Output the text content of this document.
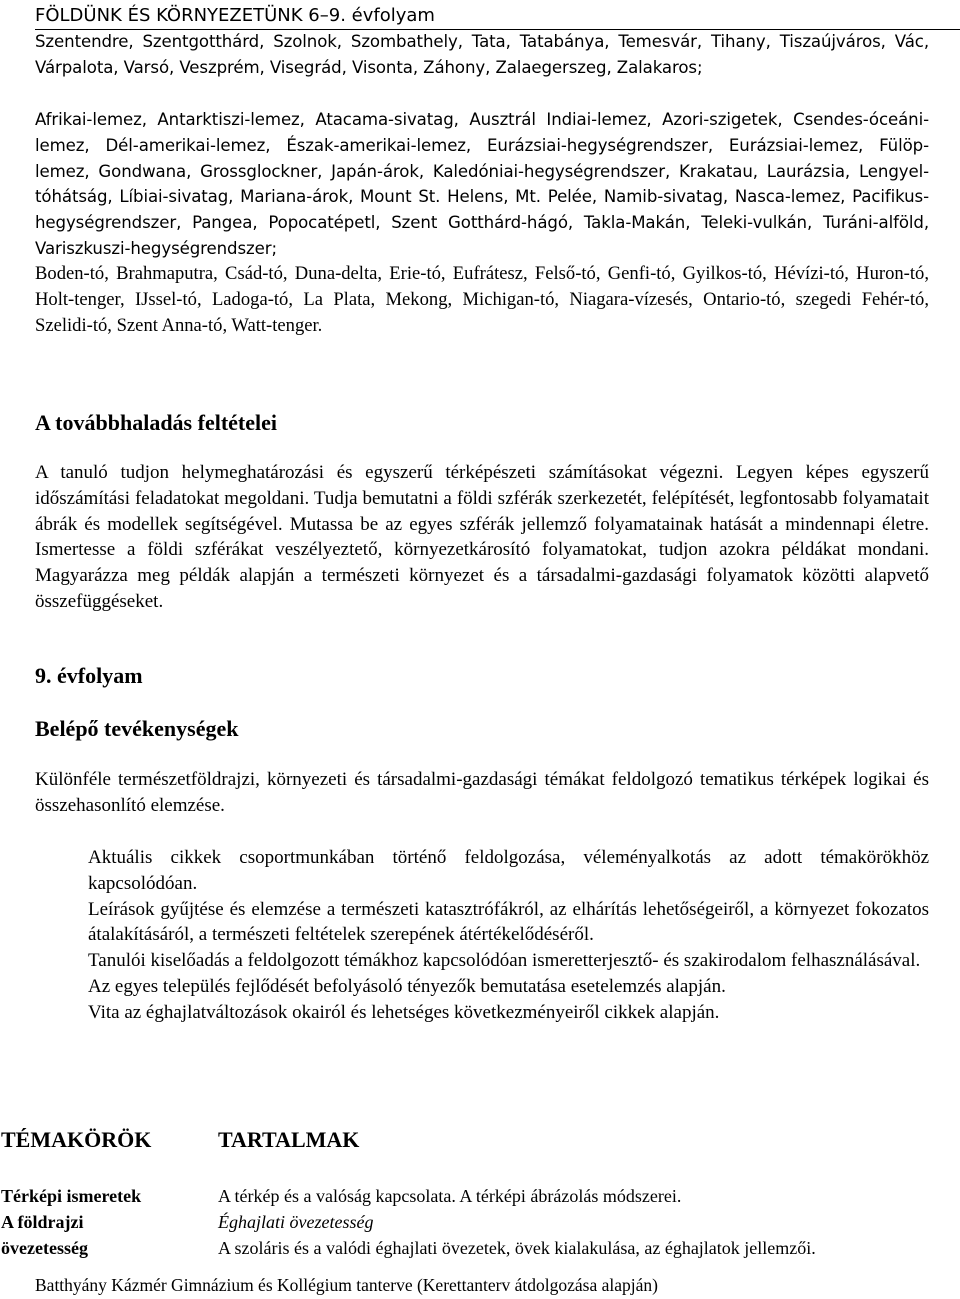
FÖLDÜNK ÉS KÖRNYEZETÜNK 6–9. évfolyam
Szentendre, Szentgotthárd, Szolnok, Szombathely, Tata, Tatabánya, Temesvár, Tihany, Tiszaújváros, Vác, Várpalota, Varsó, Veszprém, Visegrád, Visonta, Záhony, Zalaegerszeg, Zalakaros;
Afrikai-lemez, Antarktiszi-lemez, Atacama-sivatag, Ausztrál Indiai-lemez, Azori-szigetek, Csendes-óceáni-lemez, Dél-amerikai-lemez, Észak-amerikai-lemez, Eurázsiai-hegységrendszer, Eurázsiai-lemez, Fülöp-lemez, Gondwana, Grossglockner, Japán-árok, Kaledóniai-hegységrendszer, Krakatau, Laurázsia, Lengyel-tóhátság, Líbiai-sivatag, Mariana-árok, Mount St. Helens, Mt. Pelée, Namib-sivatag, Nasca-lemez, Pacifikus-hegységrendszer, Pangea, Popocatépetl, Szent Gotthárd-hágó, Takla-Makán, Teleki-vulkán, Turáni-alföld, Variszkuszi-hegységrendszer;
Boden-tó, Brahmaputra, Csád-tó, Duna-delta, Erie-tó, Eufrátesz, Felső-tó, Genfi-tó, Gyilkos-tó, Hévízi-tó, Huron-tó, Holt-tenger, IJssel-tó, Ladoga-tó, La Plata, Mekong, Michigan-tó, Niagara-vízesés, Ontario-tó, szegedi Fehér-tó, Szelidi-tó, Szent Anna-tó, Watt-tenger.
A továbbhaladás feltételei
A tanuló tudjon helymeghatározási és egyszerű térképészeti számításokat végezni. Legyen képes egyszerű időszámítási feladatokat megoldani. Tudja bemutatni a földi szférák szerkezetét, felépítését, legfontosabb folyamatait ábrák és modellek segítségével. Mutassa be az egyes szférák jellemző folyamatainak hatását a mindennapi életre. Ismertesse a földi szférákat veszélyeztető, környezetkárosító folyamatokat, tudjon azokra példákat mondani. Magyarázza meg példák alapján a természeti környezet és a társadalmi-gazdasági folyamatok közötti alapvető összefüggéseket.
9. évfolyam
Belépő tevékenységek
Különféle természetföldrajzi, környezeti és társadalmi-gazdasági témákat feldolgozó tematikus térképek logikai és összehasonlító elemzése.

Aktuális cikkek csoportmunkában történő feldolgozása, véleményalkotás az adott témakörökhöz kapcsolódóan.

Leírások gyűjtése és elemzése a természeti katasztrófákról, az elhárítás lehetőségeiről, a környezet fokozatos átalakításáról, a természeti feltételek szerepének átértékelődéséről.

Tanulói kiselőadás a feldolgozott témákhoz kapcsolódóan ismeretterjesztő- és szakirodalom felhasználásával.

Az egyes település fejlődését befolyásoló tényezők bemutatása esetelemzés alapján.

Vita az éghajlatváltozások okairól és lehetséges következményeiről cikkek alapján.

TÉMAKÖRÖK	TARTALMAK
Térképi ismeretek	A térkép és a valóság kapcsolata. A térképi ábrázolás módszerei.
A földrajzi	Éghajlati övezetesség
övezetesség	A szoláris és a valódi éghajlati övezetek, övek kialakulása, az éghajlatok jellemzői.
Batthyány Kázmér Gimnázium és Kollégium tanterve (Kerettanterv átdolgozása alapján)
